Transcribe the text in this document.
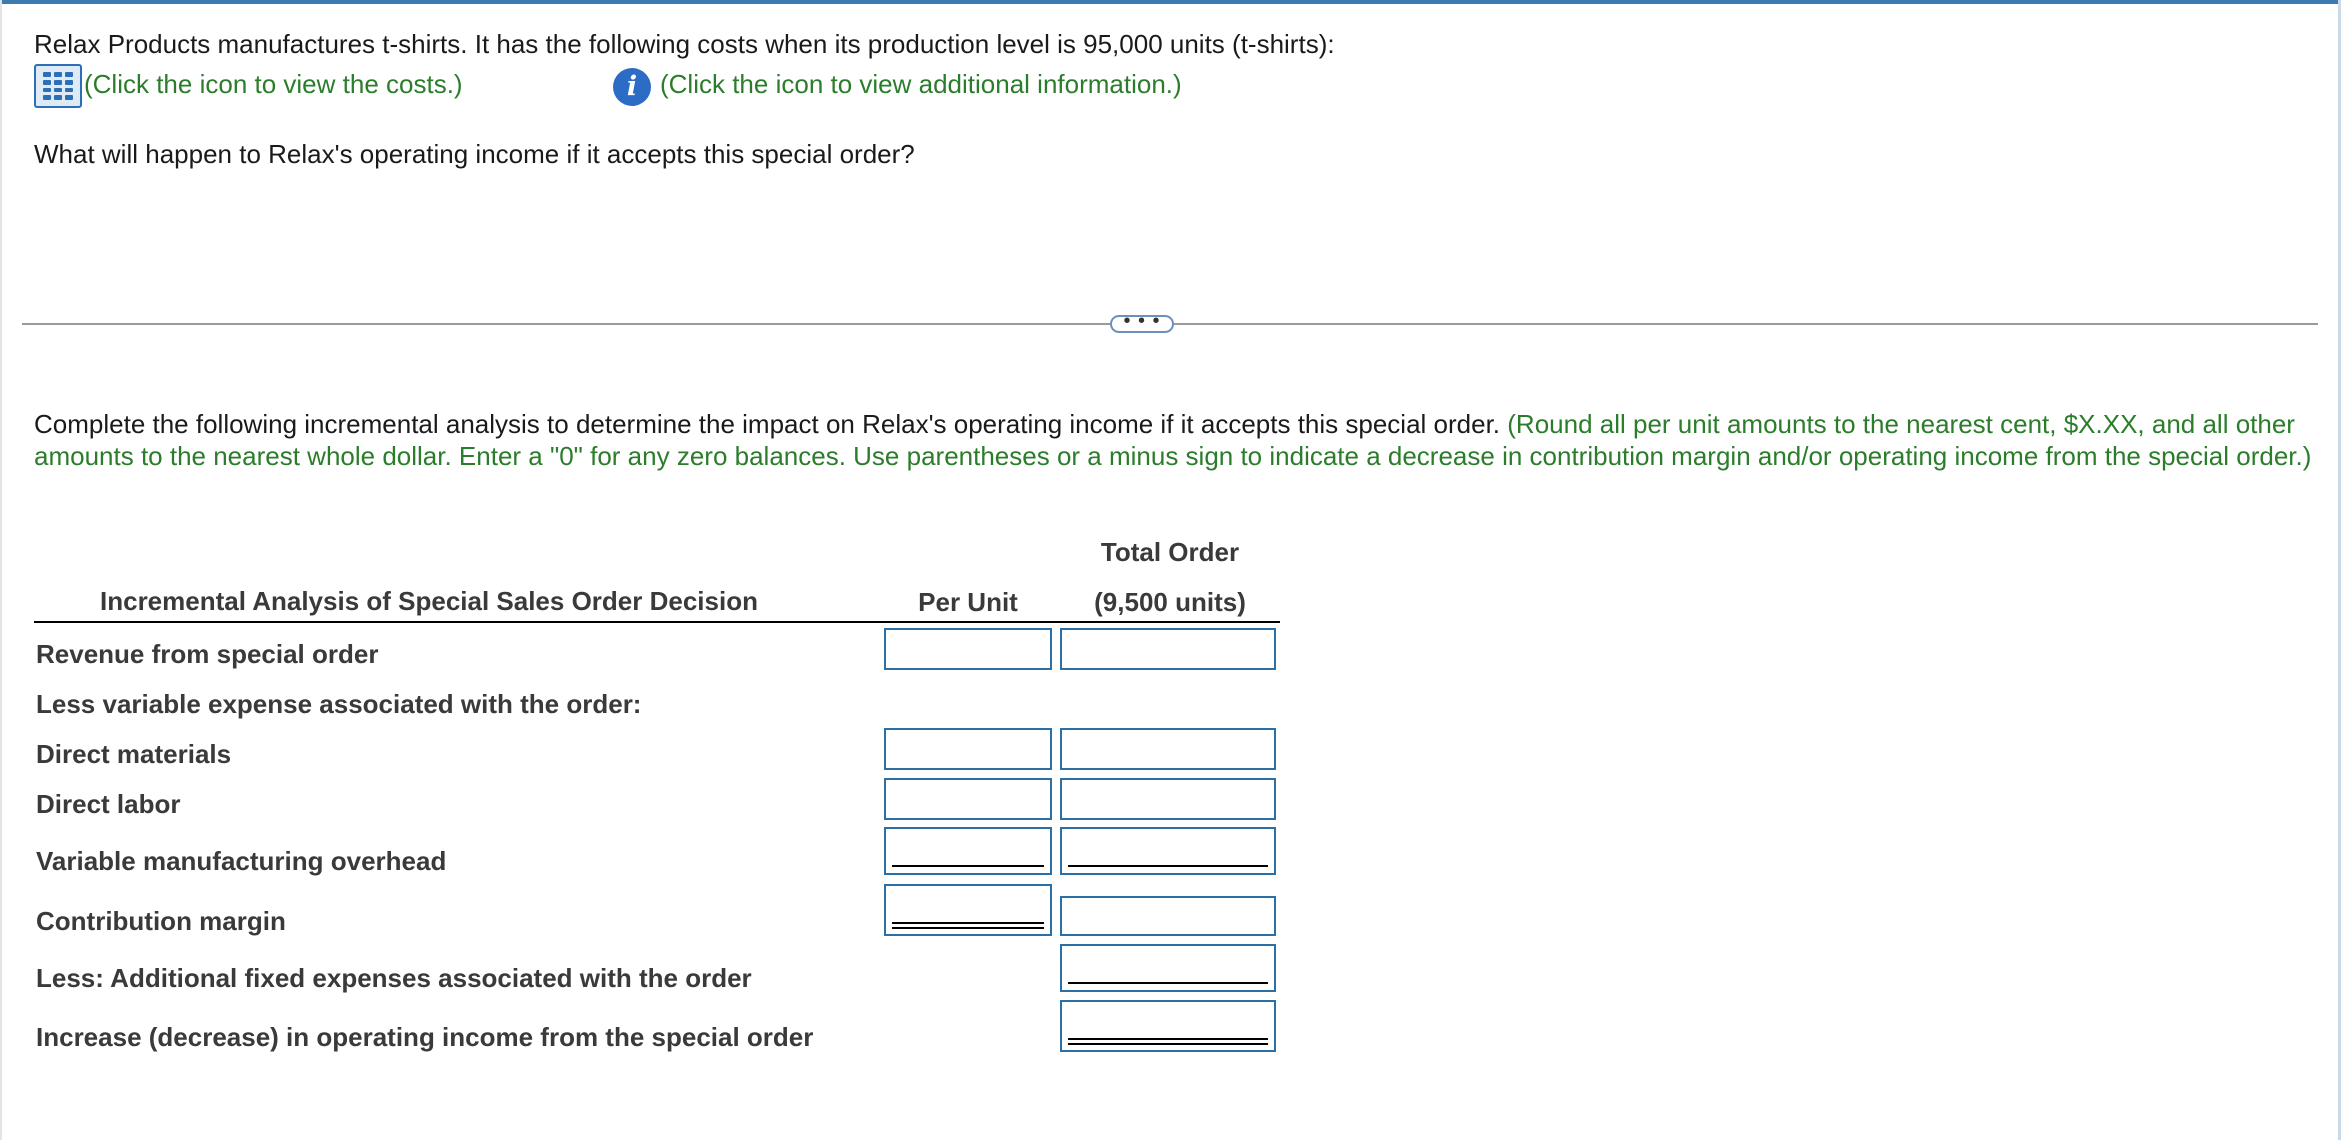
Relax Products manufactures t-shirts. It has the following costs when its production level is 95,000 units (t-shirts):
(Click the icon to view the costs.)	i (Click the icon to view additional information.)
What will happen to Relax's operating income if it accepts this special order?
• • •
Complete the following incremental analysis to determine the impact on Relax's operating income if it accepts this special order. (Round all per unit amounts to the nearest cent, $X.XX, and all other amounts to the nearest whole dollar. Enter a "0" for any zero balances. Use parentheses or a minus sign to indicate a decrease in contribution margin and/or operating income from the special order.)
Total Order
Incremental Analysis of Special Sales Order Decision	Per Unit	(9,500 units)
Revenue from special order
Less variable expense associated with the order:
Direct materials
Direct labor
Variable manufacturing overhead
Contribution margin
Less: Additional fixed expenses associated with the order
Increase (decrease) in operating income from the special order
